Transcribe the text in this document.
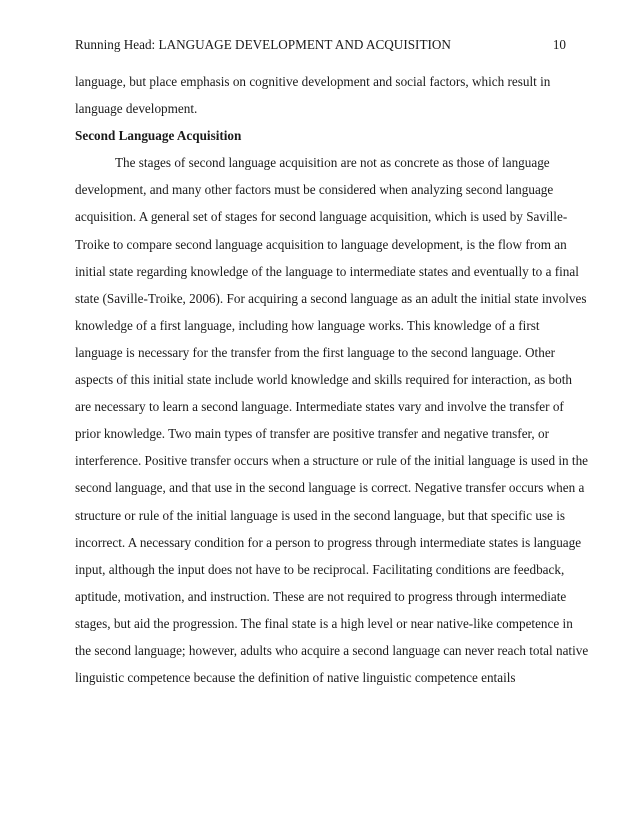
Running Head: LANGUAGE DEVELOPMENT AND ACQUISITION	10
language, but place emphasis on cognitive development and social factors, which result in
language development.
Second Language Acquisition
The stages of second language acquisition are not as concrete as those of language
development, and many other factors must be considered when analyzing second language
acquisition. A general set of stages for second language acquisition, which is used by Saville-
Troike to compare second language acquisition to language development, is the flow from an
initial state regarding knowledge of the language to intermediate states and eventually to a final
state (Saville-Troike, 2006). For acquiring a second language as an adult the initial state involves
knowledge of a first language, including how language works. This knowledge of a first
language is necessary for the transfer from the first language to the second language. Other
aspects of this initial state include world knowledge and skills required for interaction, as both
are necessary to learn a second language. Intermediate states vary and involve the transfer of
prior knowledge. Two main types of transfer are positive transfer and negative transfer, or
interference. Positive transfer occurs when a structure or rule of the initial language is used in the
second language, and that use in the second language is correct. Negative transfer occurs when a
structure or rule of the initial language is used in the second language, but that specific use is
incorrect. A necessary condition for a person to progress through intermediate states is language
input, although the input does not have to be reciprocal. Facilitating conditions are feedback,
aptitude, motivation, and instruction. These are not required to progress through intermediate
stages, but aid the progression. The final state is a high level or near native-like competence in
the second language; however, adults who acquire a second language can never reach total native
linguistic competence because the definition of native linguistic competence entails
